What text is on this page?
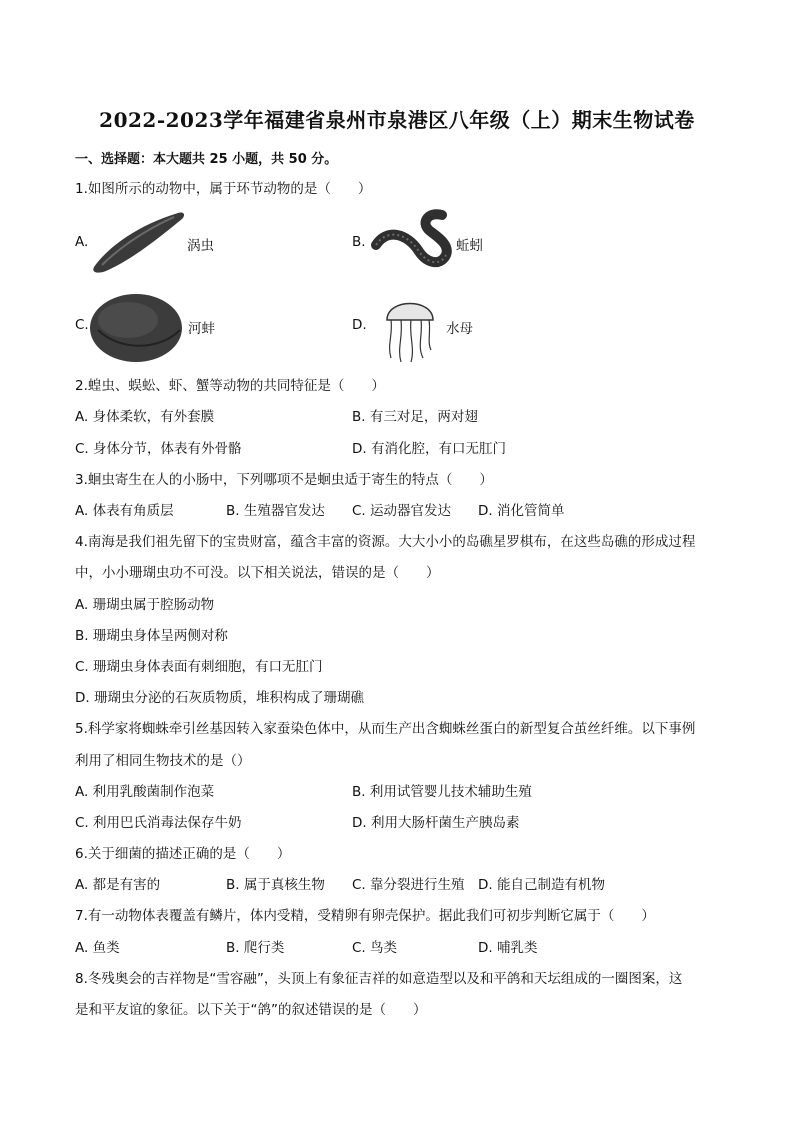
2022-2023学年福建省泉州市泉港区八年级（上）期末生物试卷
一、选择题：本大题共 25 小题，共 50 分。
1.如图所示的动物中，属于环节动物的是（　　）
A.	涡虫	B.	蚯蚓
C.	河蚌	D.	水母
2.蝗虫、蜈蚣、虾、蟹等动物的共同特征是（　　）
A. 身体柔软，有外套膜	B. 有三对足，两对翅
C. 身体分节，体表有外骨骼	D. 有消化腔，有口无肛门
3.蛔虫寄生在人的小肠中，下列哪项不是蛔虫适于寄生的特点（　　）
A. 体表有角质层	B. 生殖器官发达 C. 运动器官发达 D. 消化管简单
4.南海是我们祖先留下的宝贵财富，蕴含丰富的资源。大大小小的岛礁星罗棋布，在这些岛礁的形成过程
中，小小珊瑚虫功不可没。以下相关说法，错误的是（　　）
A. 珊瑚虫属于腔肠动物
B. 珊瑚虫身体呈两侧对称
C. 珊瑚虫身体表面有刺细胞，有口无肛门
D. 珊瑚虫分泌的石灰质物质，堆积构成了珊瑚礁
5.科学家将蜘蛛牵引丝基因转入家蚕染色体中，从而生产出含蜘蛛丝蛋白的新型复合茧丝纤维。以下事例
利用了相同生物技术的是（）
A. 利用乳酸菌制作泡菜	B. 利用试管婴儿技术辅助生殖
C. 利用巴氏消毒法保存牛奶	D. 利用大肠杆菌生产胰岛素
6.关于细菌的描述正确的是（　　）
A. 都是有害的	B. 属于真核生物 C. 靠分裂进行生殖 D. 能自己制造有机物
7.有一动物体表覆盖有鳞片，体内受精，受精卵有卵壳保护。据此我们可初步判断它属于（　　）
A. 鱼类	B. 爬行类	C. 鸟类	D. 哺乳类
8.冬残奥会的吉祥物是“雪容融”，头顶上有象征吉祥的如意造型以及和平鸽和天坛组成的一圈图案，这
是和平友谊的象征。以下关于“鸽”的叙述错误的是（　　）
